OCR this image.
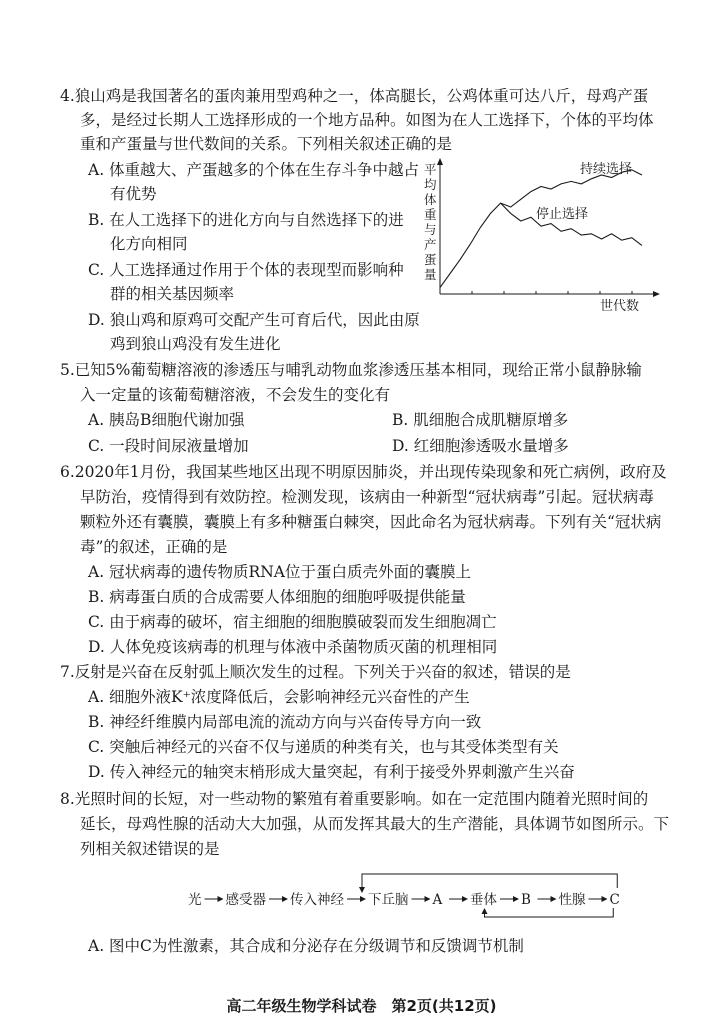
4.狼山鸡是我国著名的蛋肉兼用型鸡种之一，体高腿长，公鸡体重可达八斤，母鸡产蛋
多，是经过长期人工选择形成的一个地方品种。如图为在人工选择下，个体的平均体
重和产蛋量与世代数间的关系。下列相关叙述正确的是
A. 体重越大、产蛋越多的个体在生存斗争中越占
有优势
B. 在人工选择下的进化方向与自然选择下的进
化方向相同
C. 人工选择通过作用于个体的表现型而影响种
群的相关基因频率
D. 狼山鸡和原鸡可交配产生可育后代，因此由原
鸡到狼山鸡没有发生进化
平均体重与产蛋量
持续选择
停止选择
世代数
5.已知5%葡萄糖溶液的渗透压与哺乳动物血浆渗透压基本相同，现给正常小鼠静脉输
入一定量的该葡萄糖溶液，不会发生的变化有
A. 胰岛B细胞代谢加强	B. 肌细胞合成肌糖原增多
C. 一段时间尿液量增加	D. 红细胞渗透吸水量增多
6.2020年1月份，我国某些地区出现不明原因肺炎，并出现传染现象和死亡病例，政府及
早防治，疫情得到有效防控。检测发现，该病由一种新型“冠状病毒”引起。冠状病毒
颗粒外还有囊膜，囊膜上有多种糖蛋白棘突，因此命名为冠状病毒。下列有关“冠状病
毒”的叙述，正确的是
A. 冠状病毒的遗传物质RNA位于蛋白质壳外面的囊膜上
B. 病毒蛋白质的合成需要人体细胞的细胞呼吸提供能量
C. 由于病毒的破坏，宿主细胞的细胞膜破裂而发生细胞凋亡
D. 人体免疫该病毒的机理与体液中杀菌物质灭菌的机理相同
7.反射是兴奋在反射弧上顺次发生的过程。下列关于兴奋的叙述，错误的是
A. 细胞外液K⁺浓度降低后，会影响神经元兴奋性的产生
B. 神经纤维膜内局部电流的流动方向与兴奋传导方向一致
C. 突触后神经元的兴奋不仅与递质的种类有关，也与其受体类型有关
D. 传入神经元的轴突末梢形成大量突起，有利于接受外界刺激产生兴奋
8.光照时间的长短，对一些动物的繁殖有着重要影响。如在一定范围内随着光照时间的
延长，母鸡性腺的活动大大加强，从而发挥其最大的生产潜能，具体调节如图所示。下
列相关叙述错误的是
光 感受器 传入神经 下丘脑 A 垂体 B 性腺 C
A. 图中C为性激素，其合成和分泌存在分级调节和反馈调节机制
高二年级生物学科试卷　第2页(共12页)
